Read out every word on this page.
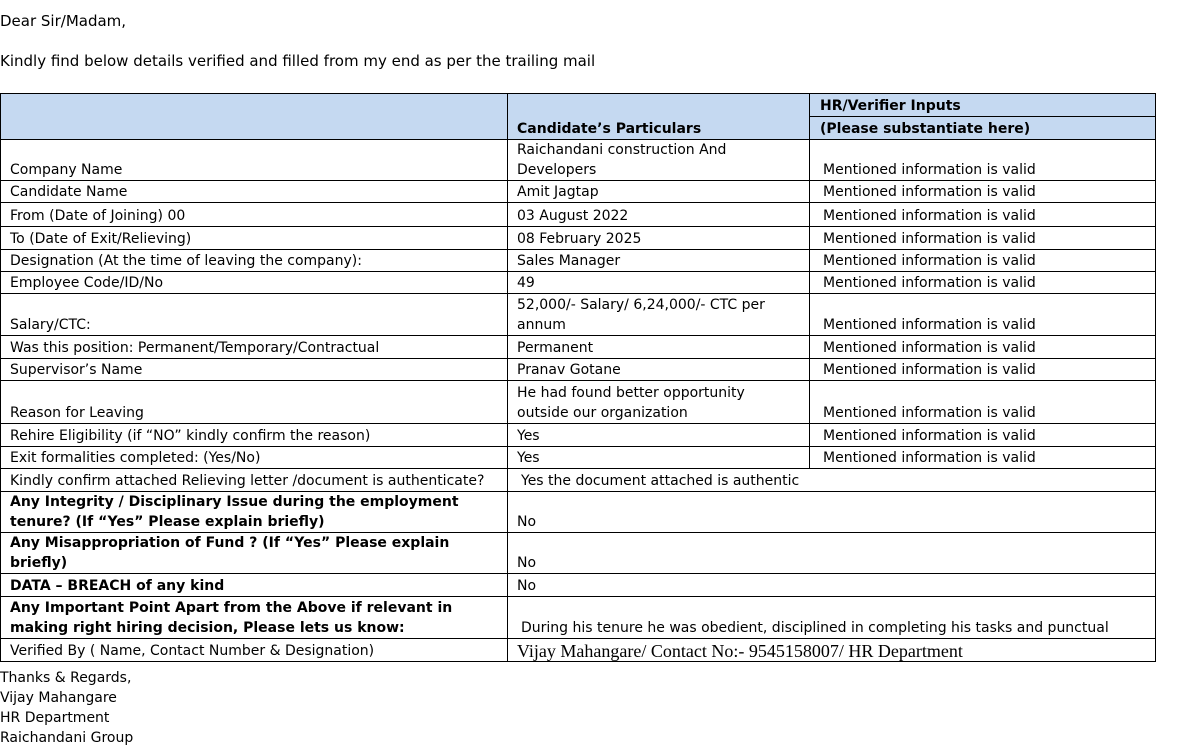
Dear Sir/Madam,
Kindly find below details verified and filled from my end as per the trailing mail
	Candidate’s Particulars	HR/Verifier Inputs
		(Please substantiate here)
Company Name	Raichandani construction And Developers	Mentioned information is valid
Candidate Name	Amit Jagtap	Mentioned information is valid
From (Date of Joining) 00	03 August 2022	Mentioned information is valid
To (Date of Exit/Relieving)	08 February 2025	Mentioned information is valid
Designation (At the time of leaving the company):	Sales Manager	Mentioned information is valid
Employee Code/ID/No	49	Mentioned information is valid
Salary/CTC:	52,000/- Salary/ 6,24,000/- CTC per annum	Mentioned information is valid
Was this position: Permanent/Temporary/Contractual	Permanent	Mentioned information is valid
Supervisor’s Name	Pranav Gotane	Mentioned information is valid
Reason for Leaving	He had found better opportunity outside our organization	Mentioned information is valid
Rehire Eligibility (if “NO” kindly confirm the reason)	Yes	Mentioned information is valid
Exit formalities completed: (Yes/No)	Yes	Mentioned information is valid
Kindly confirm attached Relieving letter /document is authenticate?	Yes the document attached is authentic	
Any Integrity / Disciplinary Issue during the employment tenure? (If “Yes” Please explain briefly)	No	
Any Misappropriation of Fund ? (If “Yes” Please explain briefly)	No	
DATA – BREACH of any kind	No	
Any Important Point Apart from the Above if relevant in making right hiring decision, Please lets us know:	During his tenure he was obedient, disciplined in completing his tasks and punctual	
Verified By ( Name, Contact Number & Designation)	Vijay Mahangare/ Contact No:- 9545158007/ HR Department	
Thanks & Regards,
Vijay Mahangare
HR Department
Raichandani Group
